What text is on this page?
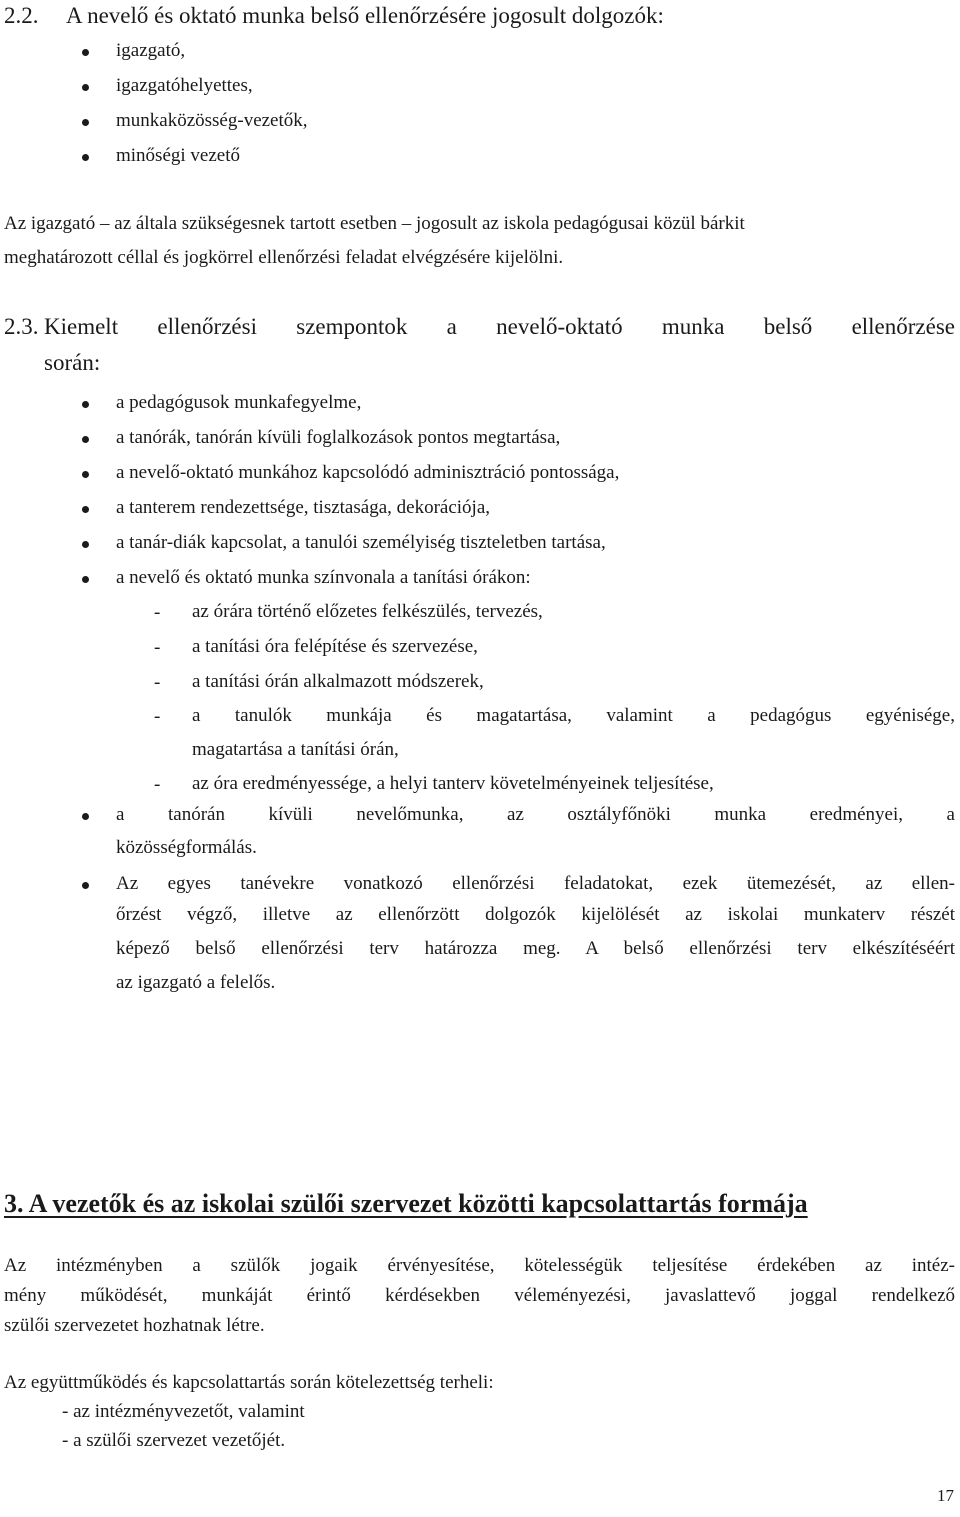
2.2. A nevelő és oktató munka belső ellenőrzésére jogosult dolgozók:
igazgató,
igazgatóhelyettes,
munkaközösség-vezetők,
minőségi vezető
Az igazgató – az általa szükségesnek tartott esetben – jogosult az iskola pedagógusai közül bárkit
meghatározott céllal és jogkörrel ellenőrzési feladat elvégzésére kijelölni.
2.3. Kiemelt ellenőrzési szempontok a nevelő-oktató munka belső ellenőrzése
során:
a pedagógusok munkafegyelme,
a tanórák, tanórán kívüli foglalkozások pontos megtartása,
a nevelő-oktató munkához kapcsolódó adminisztráció pontossága,
a tanterem rendezettsége, tisztasága, dekorációja,
a tanár-diák kapcsolat, a tanulói személyiség tiszteletben tartása,
a nevelő és oktató munka színvonala a tanítási órákon:
- az órára történő előzetes felkészülés, tervezés,
- a tanítási óra felépítése és szervezése,
- a tanítási órán alkalmazott módszerek,
- a tanulók munkája és magatartása, valamint a pedagógus egyénisége,
magatartása a tanítási órán,
- az óra eredményessége, a helyi tanterv követelményeinek teljesítése,
a tanórán kívüli nevelőmunka, az osztályfőnöki munka eredményei, a
közösségformálás.
Az egyes tanévekre vonatkozó ellenőrzési feladatokat, ezek ütemezését, az ellen-
őrzést végző, illetve az ellenőrzött dolgozók kijelölését az iskolai munkaterv részét
képező belső ellenőrzési terv határozza meg. A belső ellenőrzési terv elkészítéséért
az igazgató a felelős.
3. A vezetők és az iskolai szülői szervezet közötti kapcsolattartás formája
Az intézményben a szülők jogaik érvényesítése, kötelességük teljesítése érdekében az intéz-
mény működését, munkáját érintő kérdésekben véleményezési, javaslattevő joggal rendelkező
szülői szervezetet hozhatnak létre.
Az együttműködés és kapcsolattartás során kötelezettség terheli:
- az intézményvezetőt, valamint
- a szülői szervezet vezetőjét.
17
